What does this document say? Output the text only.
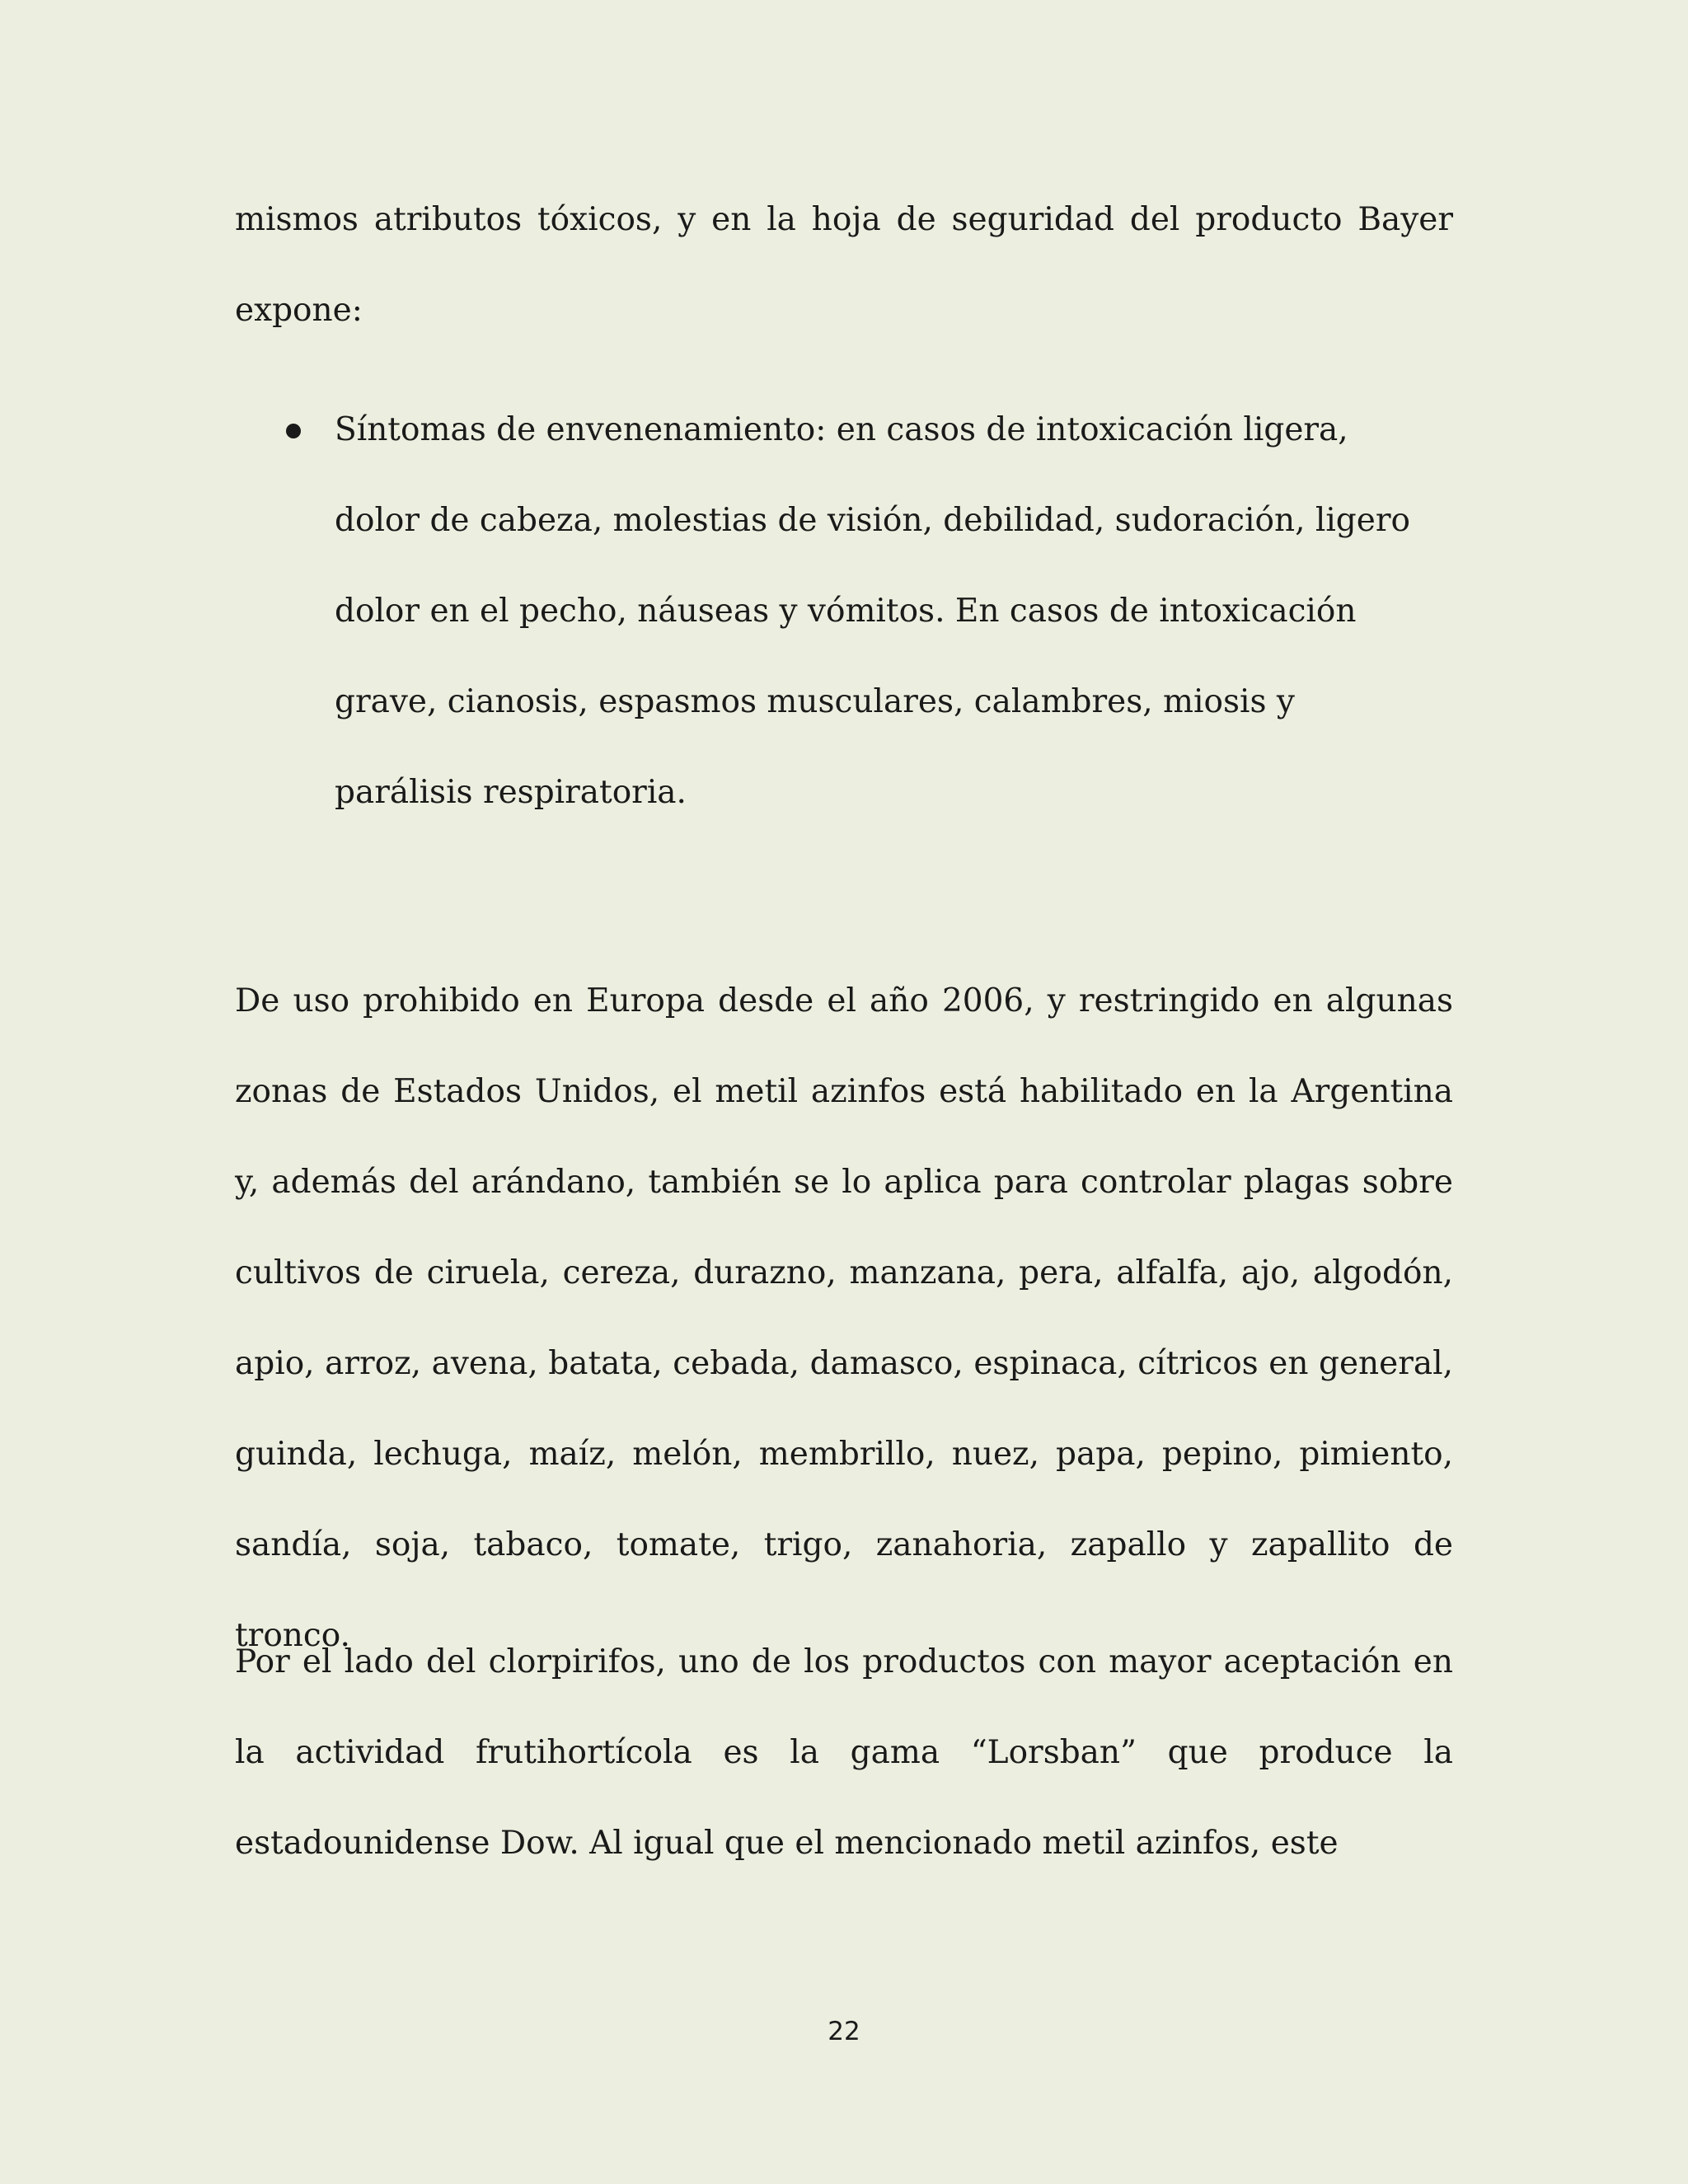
mismos atributos tóxicos, y en la hoja de seguridad del producto Bayer expone:

Síntomas de envenenamiento: en casos de intoxicación ligera, dolor de cabeza, molestias de visión, debilidad, sudoración, ligero dolor en el pecho, náuseas y vómitos. En casos de intoxicación grave, cianosis, espasmos musculares, calambres, miosis y parálisis respiratoria.

De uso prohibido en Europa desde el año 2006, y restringido en algunas zonas de Estados Unidos, el metil azinfos está habilitado en la Argentina y, además del arándano, también se lo aplica para controlar plagas sobre cultivos de ciruela, cereza, durazno, manzana, pera, alfalfa, ajo, algodón, apio, arroz, avena, batata, cebada, damasco, espinaca, cítricos en general, guinda, lechuga, maíz, melón, membrillo, nuez, papa, pepino, pimiento, sandía, soja, tabaco, tomate, trigo, zanahoria, zapallo y zapallito de tronco.

Por el lado del clorpirifos, uno de los productos con mayor aceptación en la actividad frutihortícola es la gama “Lorsban” que produce la estadounidense Dow. Al igual que el mencionado metil azinfos, este

22
